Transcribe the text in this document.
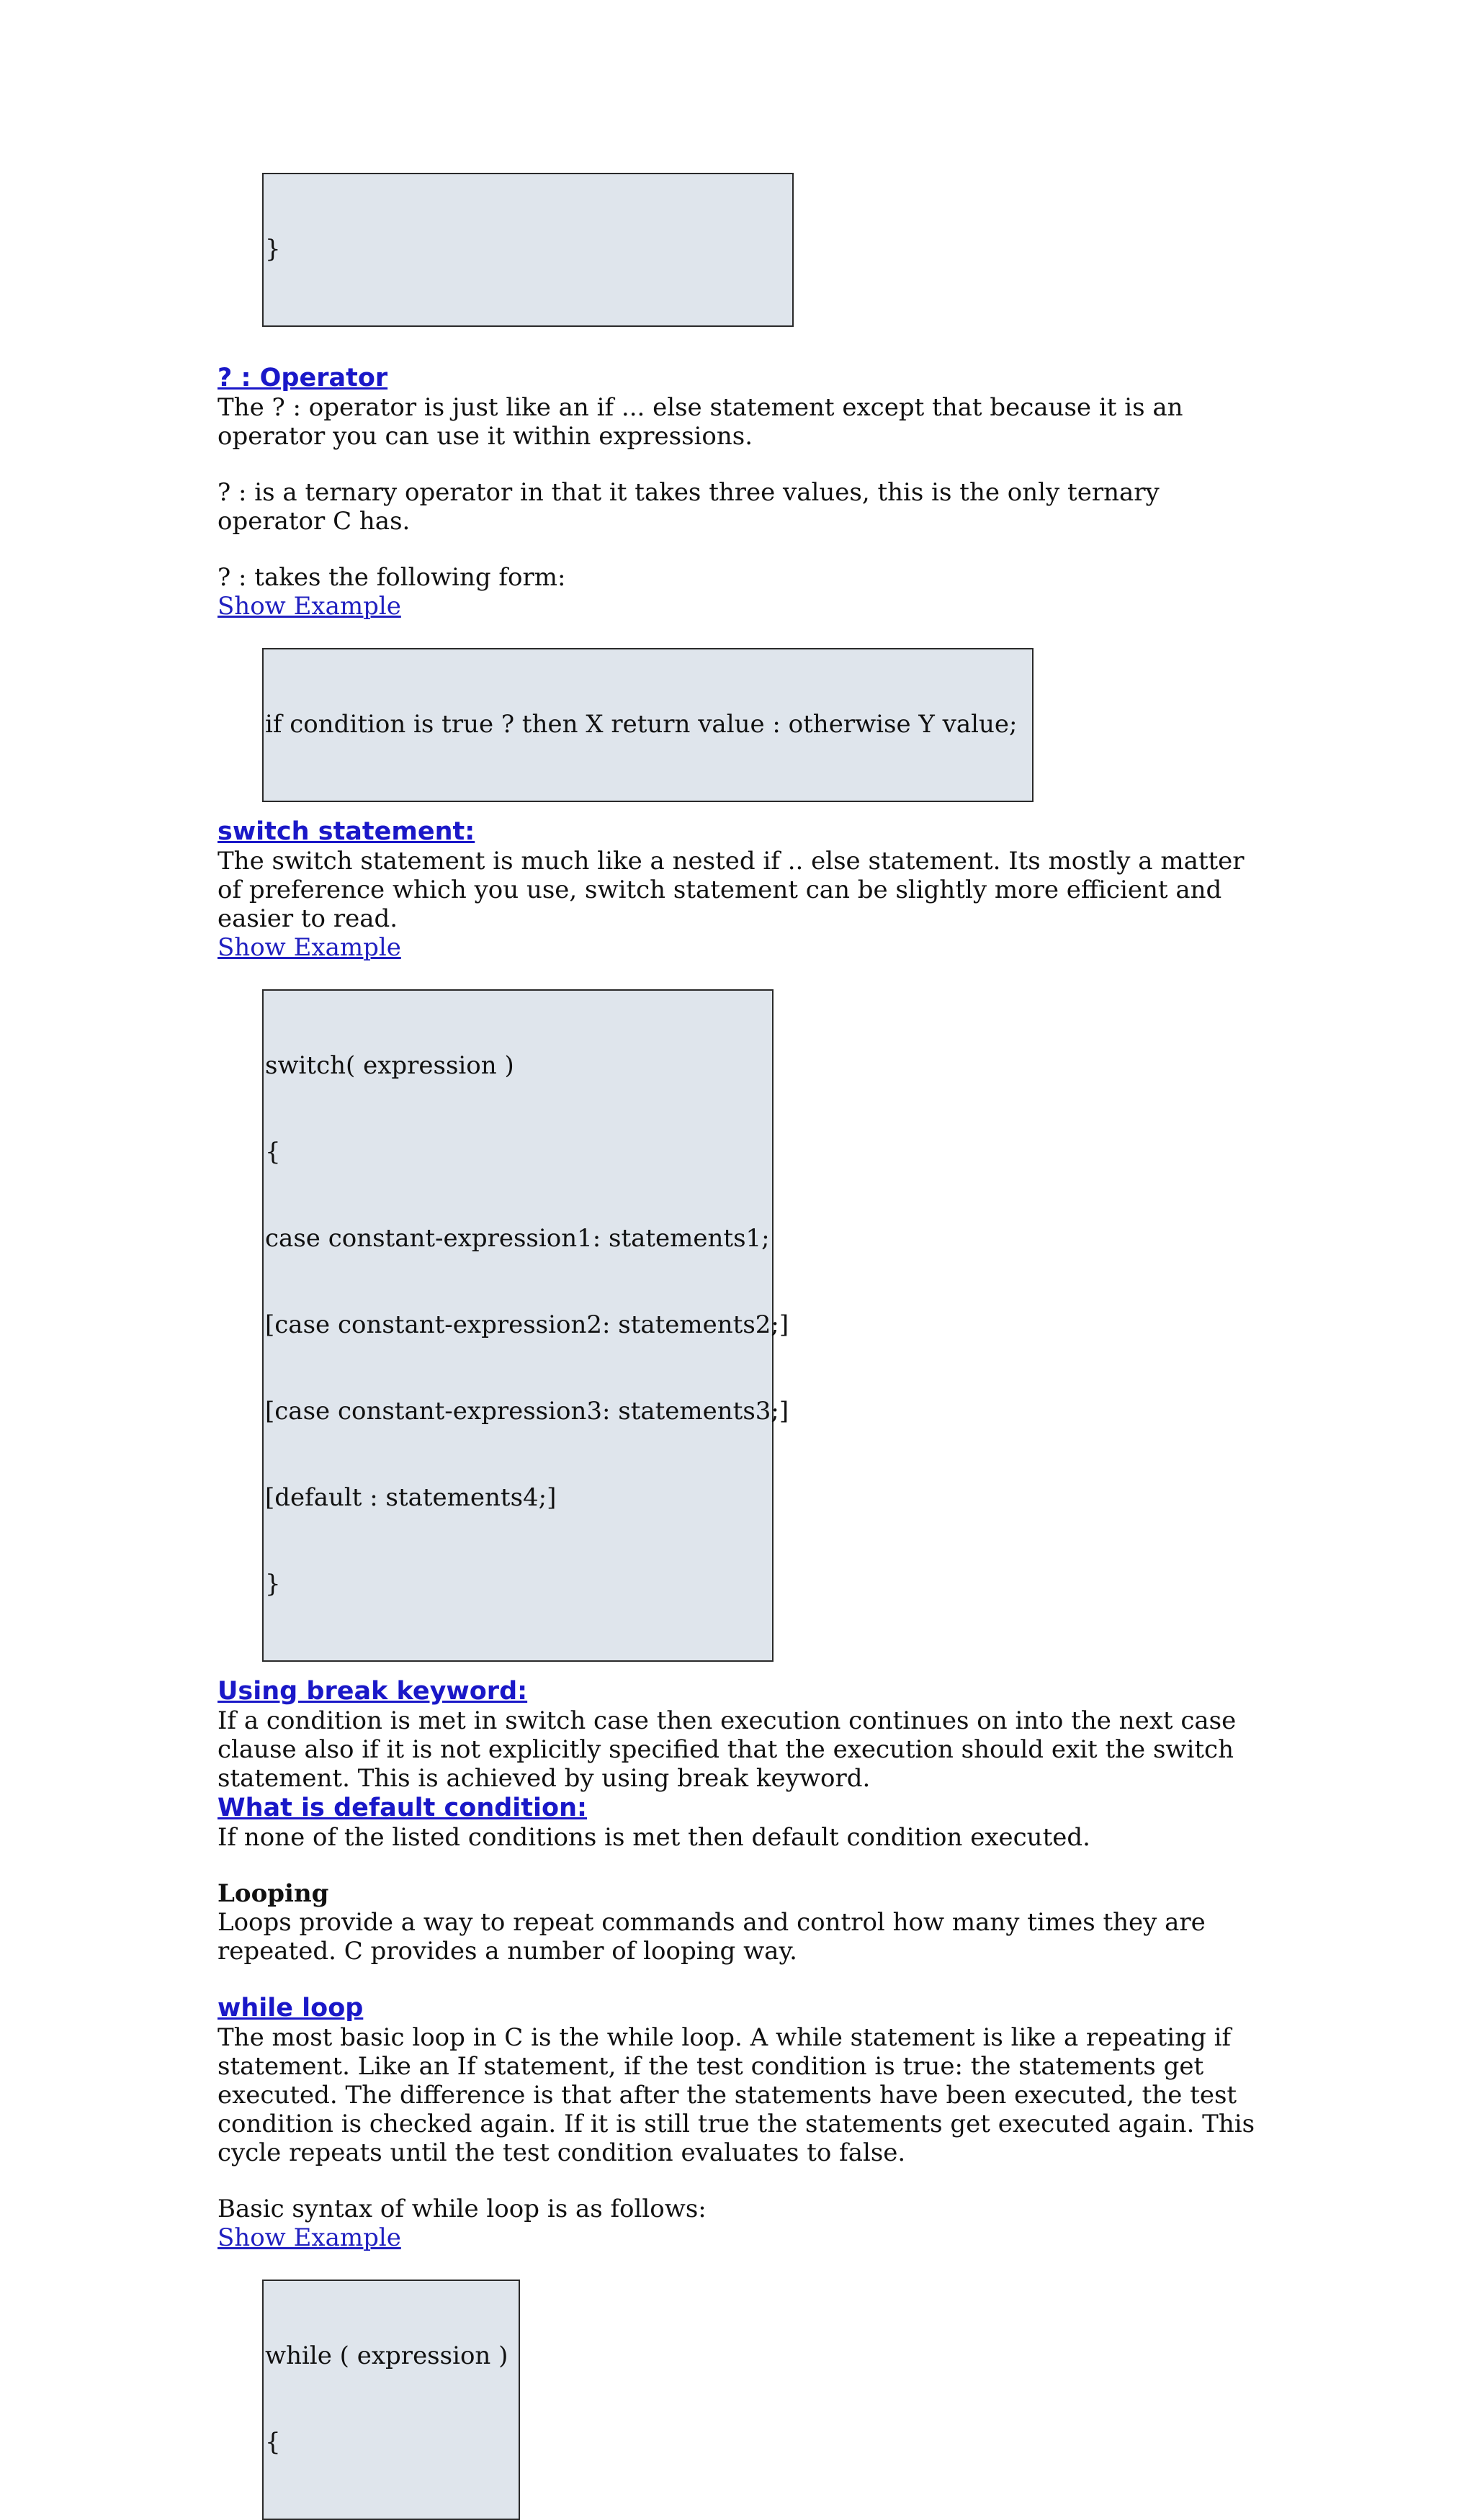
}

? : Operator

The ? : operator is just like an if ... else statement except that because it is an operator you can use it within expressions.

? : is a ternary operator in that it takes three values, this is the only ternary operator C has.

? : takes the following form:

Show Example

if condition is true ? then X return value : otherwise Y value;

switch statement:

The switch statement is much like a nested if .. else statement. Its mostly a matter of preference which you use, switch statement can be slightly more efficient and easier to read.

Show Example

switch( expression )

{

case constant-expression1: statements1;

[case constant-expression2: statements2;]

[case constant-expression3: statements3;]

[default : statements4;]

}

Using break keyword:

If a condition is met in switch case then execution continues on into the next case clause also if it is not explicitly specified that the execution should exit the switch statement. This is achieved by using break keyword.

What is default condition:

If none of the listed conditions is met then default condition executed.

Looping

Loops provide a way to repeat commands and control how many times they are repeated. C provides a number of looping way.

while loop

The most basic loop in C is the while loop. A while statement is like a repeating if statement. Like an If statement, if the test condition is true: the statements get executed. The difference is that after the statements have been executed, the test condition is checked again. If it is still true the statements get executed again. This cycle repeats until the test condition evaluates to false.

Basic syntax of while loop is as follows:

Show Example

while ( expression )

{
